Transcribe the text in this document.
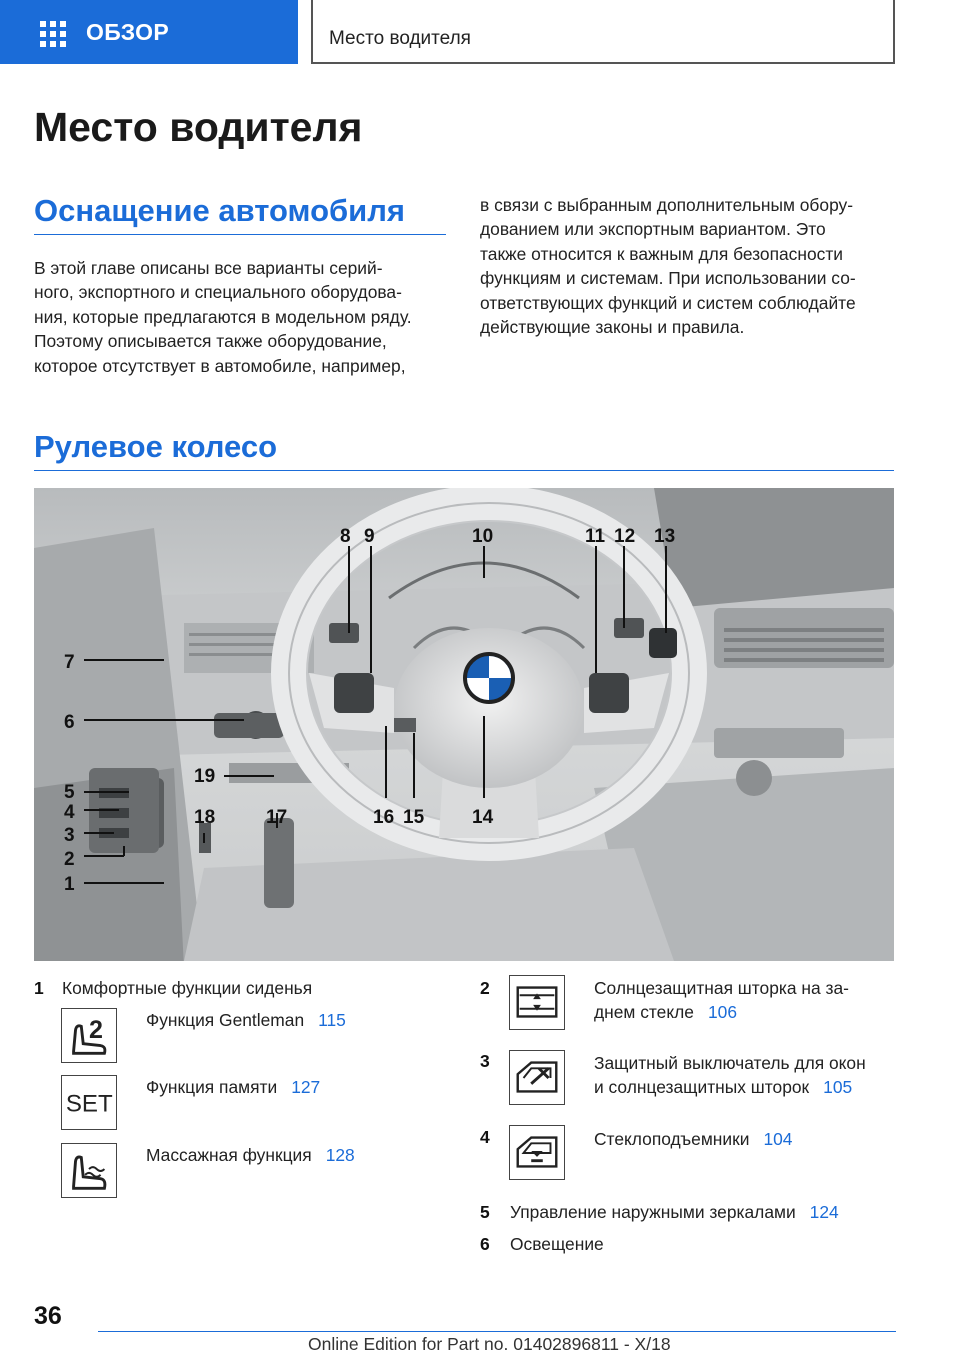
ОБЗОР	Место водителя
Место водителя
Оснащение автомобиля
В этой главе описаны все варианты серий‐
ного, экспортного и специального оборудова‐
ния, которые предлагаются в модельном ряду.
Поэтому описывается также оборудование,
которое отсутствует в автомобиле, например,
в связи с выбранным дополнительным обору‐
дованием или экспортным вариантом. Это
также относится к важным для безопасности
функциям и системам. При использовании со‐
ответствующих функций и систем соблюдайте
действующие законы и правила.
Рулевое колесо
1
2
3
4
5
6
7
8 9	10	11 12 13
14
15
16
17
18
19
1 Комфортные функции сиденья
2 Функция Gentleman 115
SET
Функция памяти 127
Массажная функция 128
2	Солнцезащитная шторка на за‐
днем стекле 106
3	Защитный выключатель для окон
и солнцезащитных шторок 105
4	Стеклоподъемники 104
5 Управление наружными зеркалами 124
6 Освещение
36
Online Edition for Part no. 01402896811 - X/18
